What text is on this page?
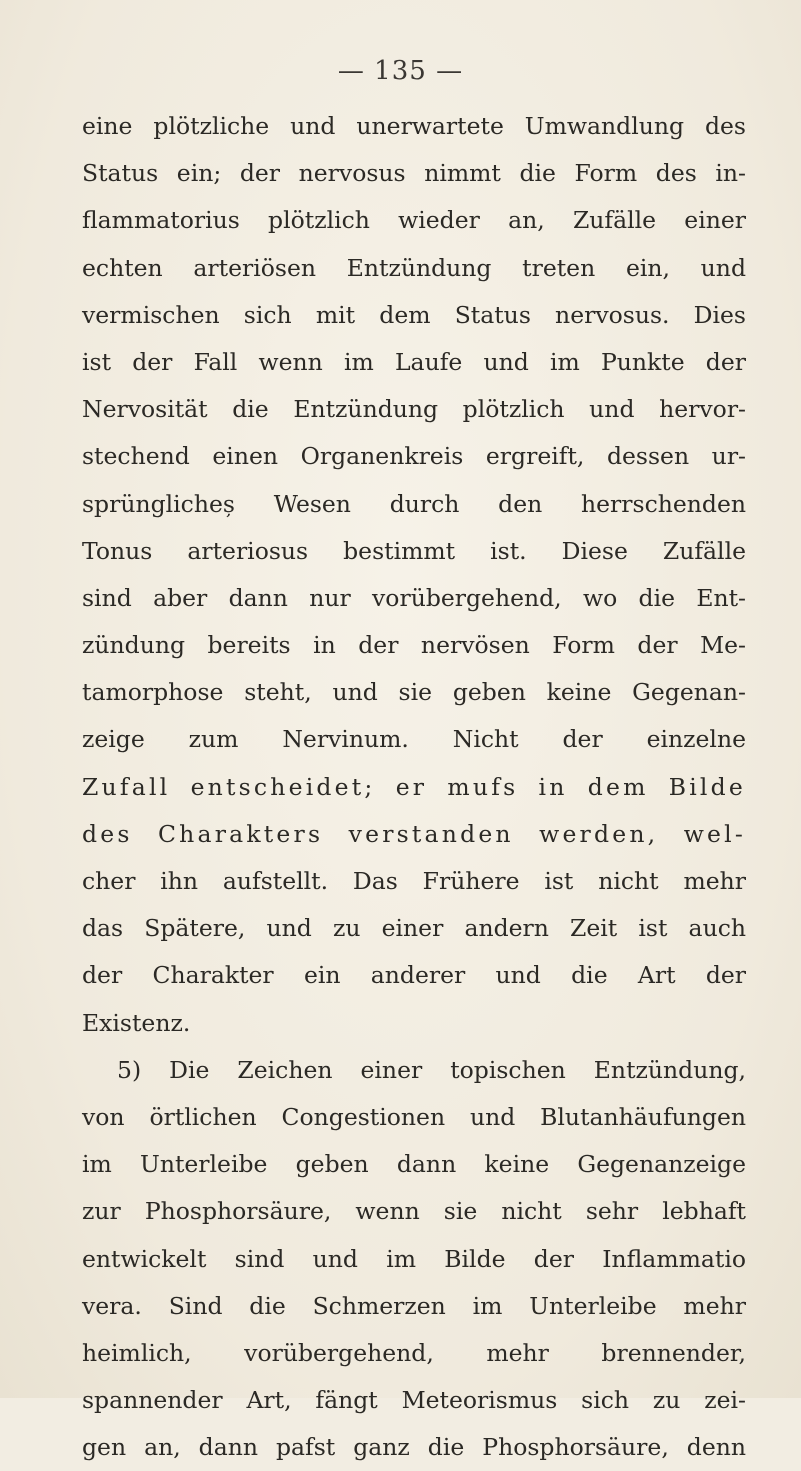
— 135 —
eine plötzliche und unerwartete Umwandlung des
Status ein; der nervosus nimmt die Form des in-
flammatorius plötzlich wieder an, Zufälle einer
echten arteriösen Entzündung treten ein, und
vermischen sich mit dem Status nervosus. Dies
ist der Fall wenn im Laufe und im Punkte der
Nervosität die Entzündung plötzlich und hervor-
stechend einen Organenkreis ergreift, dessen ur-
sprünglicheș Wesen durch den herrschenden
Tonus arteriosus bestimmt ist. Diese Zufälle
sind aber dann nur vorübergehend, wo die Ent-
zündung bereits in der nervösen Form der Me-
tamorphose steht, und sie geben keine Gegenan-
zeige zum Nervinum. Nicht der einzelne
Zufall entscheidet; er mufs in dem Bilde
des Charakters verstanden werden, wel-
cher ihn aufstellt. Das Frühere ist nicht mehr
das Spätere, und zu einer andern Zeit ist auch
der Charakter ein anderer und die Art der
Existenz.
5) Die Zeichen einer topischen Entzündung,
von örtlichen Congestionen und Blutanhäufungen
im Unterleibe geben dann keine Gegenanzeige
zur Phosphorsäure, wenn sie nicht sehr lebhaft
entwickelt sind und im Bilde der Inflammatio
vera. Sind die Schmerzen im Unterleibe mehr
heimlich, vorübergehend, mehr brennender,
spannender Art, fängt Meteorismus sich zu zei-
gen an, dann pafst ganz die Phosphorsäure, denn
